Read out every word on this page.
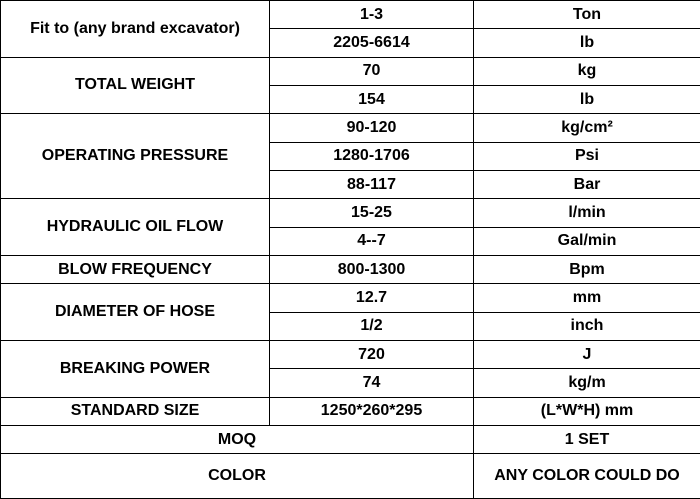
Fit to (any brand excavator)	1-3	Ton
	2205-6614	lb
TOTAL WEIGHT	70	kg
	154	lb
OPERATING PRESSURE	90-120	kg/cm²
	1280-1706	Psi
	88-117	Bar
HYDRAULIC OIL FLOW	15-25	l/min
	4--7	Gal/min
BLOW FREQUENCY	800-1300	Bpm
DIAMETER OF HOSE	12.7	mm
	1/2	inch
BREAKING POWER	720	J
	74	kg/m
STANDARD SIZE	1250*260*295	(L*W*H) mm
MOQ		1 SET
COLOR		ANY COLOR COULD DO
